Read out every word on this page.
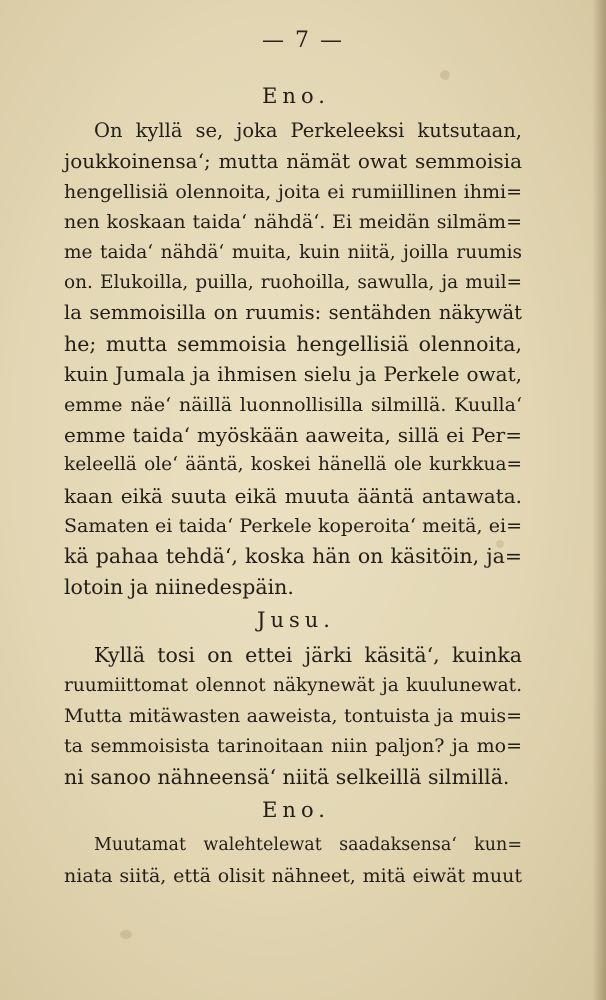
— 7 —
Eno.
On kyllä se, joka Perkeleeksi kutsutaan,
joukkoinensa‘; mutta nämät owat semmoisia
hengellisiä olennoita, joita ei rumiillinen ihmi=
nen koskaan taida‘ nähdä‘. Ei meidän silmäm=
me taida‘ nähdä‘ muita, kuin niitä, joilla ruumis
on. Elukoilla, puilla, ruohoilla, sawulla, ja muil=
la semmoisilla on ruumis: sentähden näkywät
he; mutta semmoisia hengellisiä olennoita,
kuin Jumala ja ihmisen sielu ja Perkele owat,
emme näe‘ näillä luonnollisilla silmillä. Kuulla‘
emme taida‘ myöskään aaweita, sillä ei Per=
keleellä ole‘ ääntä, koskei hänellä ole kurkkua=
kaan eikä suuta eikä muuta ääntä antawata.
Samaten ei taida‘ Perkele koperoita‘ meitä, ei=
kä pahaa tehdä‘, koska hän on käsitöin, ja=
lotoin ja niinedespäin.
Jusu.
Kyllä tosi on ettei järki käsitä‘, kuinka
ruumiittomat olennot näkynewät ja kuulunewat.
Mutta mitäwasten aaweista, tontuista ja muis=
ta semmoisista tarinoitaan niin paljon? ja mo=
ni sanoo nähneensä‘ niitä selkeillä silmillä.
Eno.
Muutamat walehtelewat saadaksensa‘ kun=
niata siitä, että olisit nähneet, mitä eiwät muut
